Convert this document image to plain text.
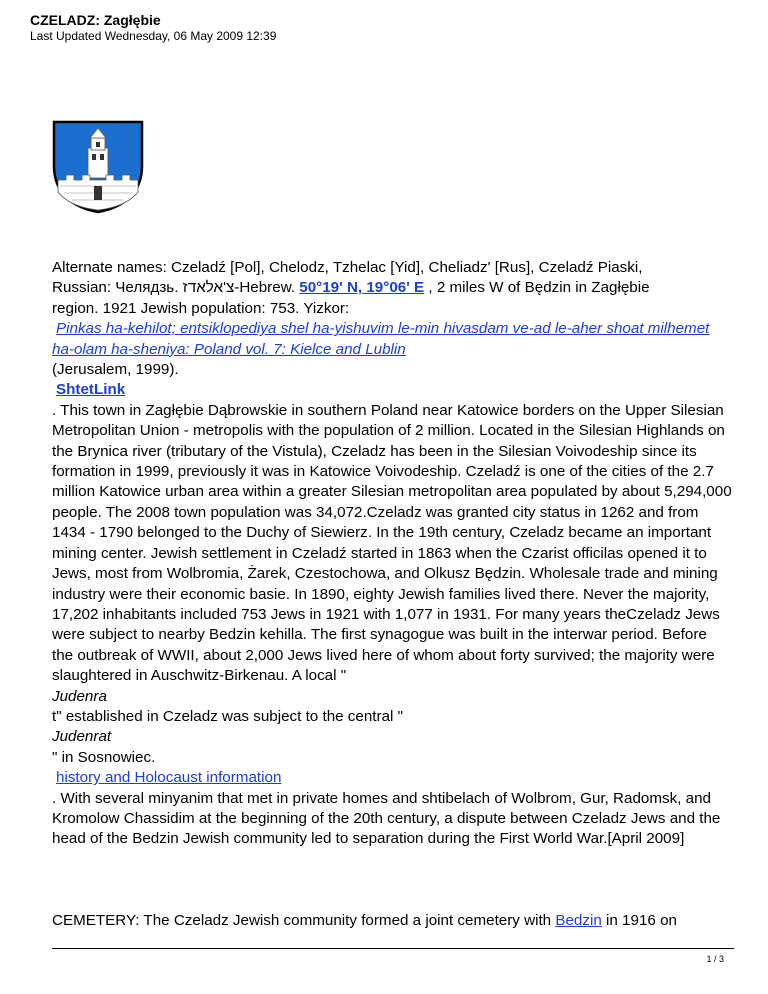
CZELADZ: Zagłębie
Last Updated Wednesday, 06 May 2009 12:39

Alternate names: Czeladź [Pol], Chelodz, Tzhelac [Yid], Cheliadz' [Rus], Czeladź Piaski,
Russian: Челядзь. צ'אלאדז-Hebrew. 50°19' N, 19°06' E , 2 miles W of Będzin in Zagłębie
region. 1921 Jewish population: 753. Yizkor:

Pinkas ha-kehilot; entsiklopediya shel ha-yishuvim le-min hivasdam ve-ad le-aher shoat milhemet ha-olam ha-sheniya: Poland vol. 7: Kielce and Lublin

(Jerusalem, 1999).

ShtetLink

. This town in Zagłębie Dąbrowskie in southern Poland near Katowice borders on the Upper Silesian Metropolitan Union - metropolis with the population of 2 million. Located in the Silesian Highlands on the Brynica river (tributary of the Vistula), Czeladz has been in the Silesian Voivodeship since its formation in 1999, previously it was in Katowice Voivodeship. Czeladź is one of the cities of the 2.7 million Katowice urban area within a greater Silesian metropolitan area populated by about 5,294,000 people. The 2008 town population was 34,072.Czeladz was granted city status in 1262 and from 1434 - 1790 belonged to the Duchy of Siewierz. In the 19th century, Czeladz became an important mining center. Jewish settlement in Czeladź started in 1863 when the Czarist officilas opened it to Jews, most from Wolbromia, Żarek, Czestochowa, and Olkusz Będzin. Wholesale trade and mining industry were their economic basie. In 1890, eighty Jewish families lived there. Never the majority, 17,202 inhabitants included 753 Jews in 1921 with 1,077 in 1931. For many years theCzeladz Jews were subject to nearby Bedzin kehilla. The first synagogue was built in the interwar period. Before the outbreak of WWII, about 2,000 Jews lived here of whom about forty survived; the majority were slaughtered in Auschwitz-Birkenau. A local "

Judenra

t" established in Czeladz was subject to the central "

Judenrat

" in Sosnowiec.

history and Holocaust information

. With several minyanim that met in private homes and shtibelach of Wolbrom, Gur, Radomsk, and Kromolow Chassidim at the beginning of the 20th century, a dispute between Czeladz Jews and the head of the Bedzin Jewish community led to separation during the First World War.[April 2009]

CEMETERY: The Czeladz Jewish community formed a joint cemetery with Bedzin in 1916 on

1 / 3
